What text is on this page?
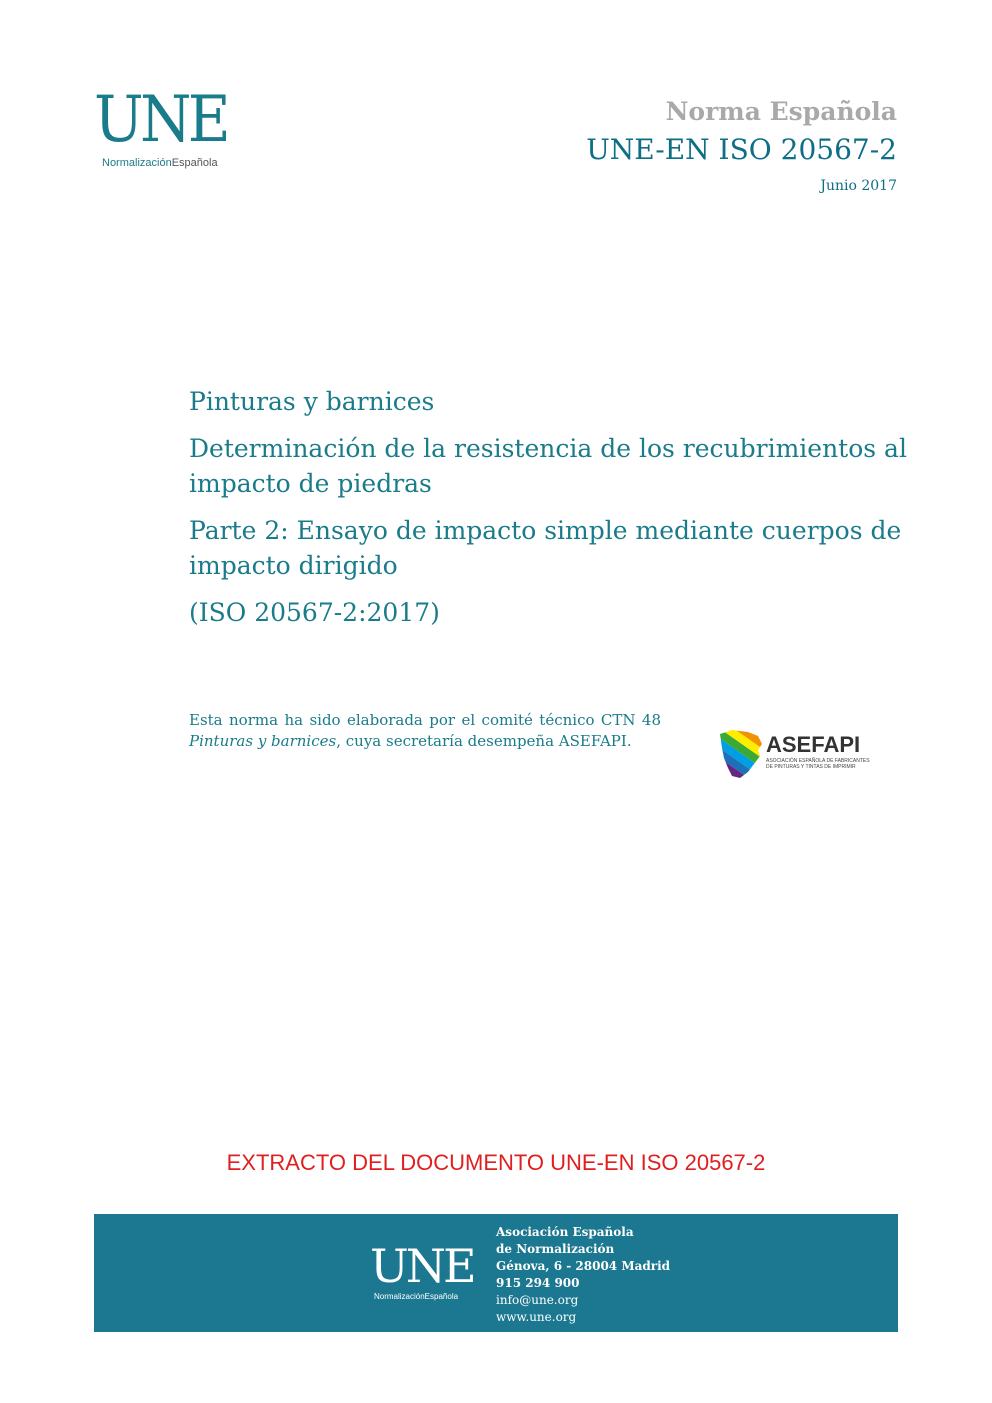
UNE
NormalizaciónEspañola
Norma Española
UNE-EN ISO 20567-2
Junio 2017
Pinturas y barnices
Determinación de la resistencia de los recubrimientos al impacto de piedras
Parte 2: Ensayo de impacto simple mediante cuerpos de impacto dirigido
(ISO 20567-2:2017)
Esta norma ha sido elaborada por el comité técnico CTN 48 Pinturas y barnices, cuya secretaría desempeña ASEFAPI.	ASEFAPI
ASOCIACIÓN ESPAÑOLA DE FABRICANTES DE PINTURAS Y TINTAS DE IMPRIMIR
EXTRACTO DEL DOCUMENTO UNE-EN ISO 20567-2
UNE
NormalizaciónEspañola
Asociación Española
de Normalización
Génova, 6 - 28004 Madrid
915 294 900
info@une.org
www.une.org
